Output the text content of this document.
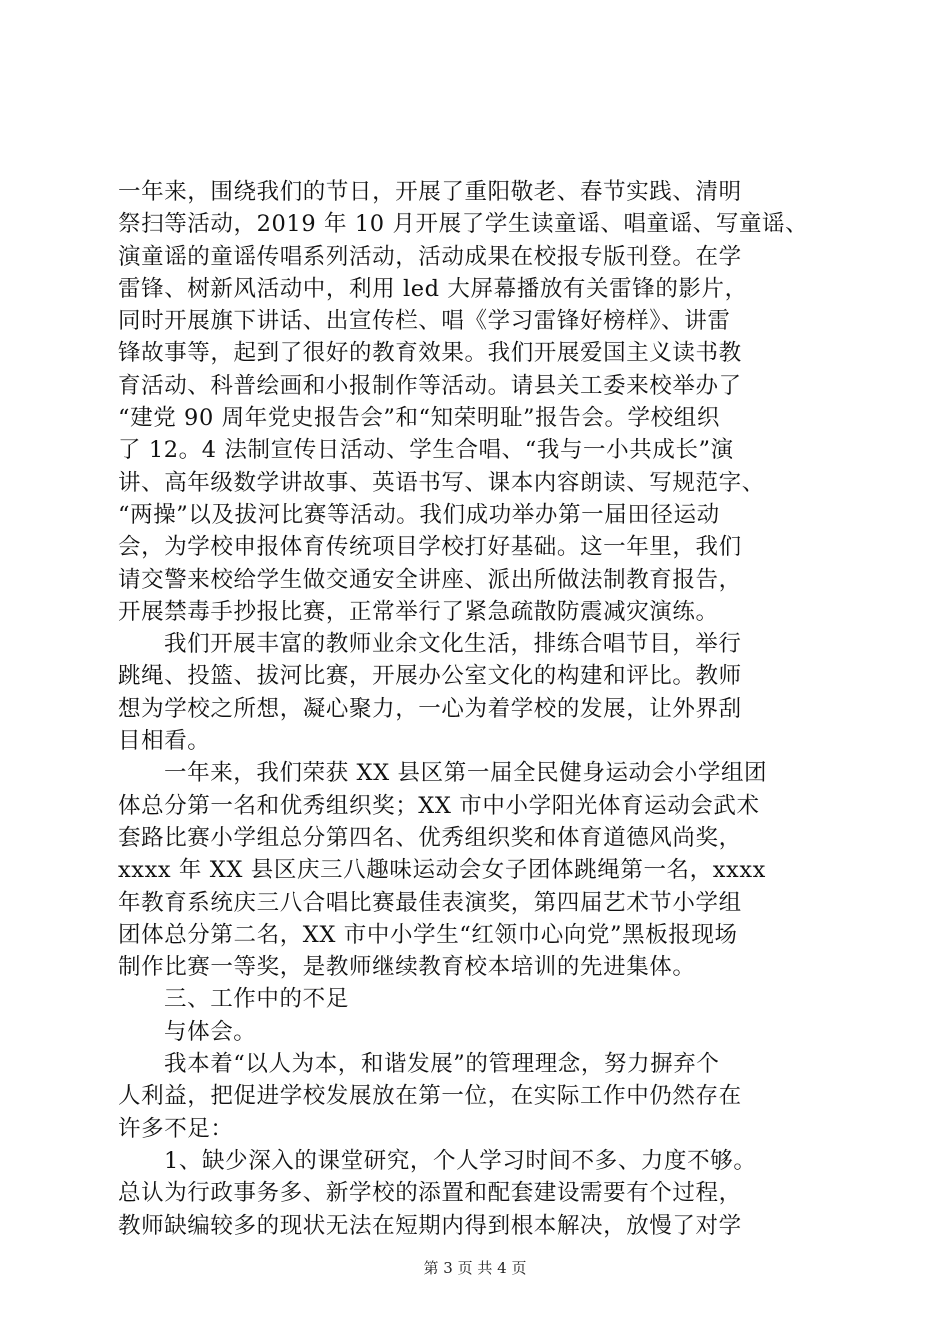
一年来，围绕我们的节日，开展了重阳敬老、春节实践、清明
祭扫等活动，2019 年 10 月开展了学生读童谣、唱童谣、写童谣、
演童谣的童谣传唱系列活动，活动成果在校报专版刊登。在学
雷锋、树新风活动中，利用 led 大屏幕播放有关雷锋的影片，
同时开展旗下讲话、出宣传栏、唱《学习雷锋好榜样》、讲雷
锋故事等，起到了很好的教育效果。我们开展爱国主义读书教
育活动、科普绘画和小报制作等活动。请县关工委来校举办了
“建党 90 周年党史报告会”和“知荣明耻”报告会。学校组织
了 12。4 法制宣传日活动、学生合唱、“我与一小共成长”演
讲、高年级数学讲故事、英语书写、课本内容朗读、写规范字、
“两操”以及拔河比赛等活动。我们成功举办第一届田径运动
会，为学校申报体育传统项目学校打好基础。这一年里，我们
请交警来校给学生做交通安全讲座、派出所做法制教育报告，
开展禁毒手抄报比赛，正常举行了紧急疏散防震减灾演练。
我们开展丰富的教师业余文化生活，排练合唱节目，举行
跳绳、投篮、拔河比赛，开展办公室文化的构建和评比。教师
想为学校之所想，凝心聚力，一心为着学校的发展，让外界刮
目相看。
一年来，我们荣获 XX 县区第一届全民健身运动会小学组团
体总分第一名和优秀组织奖；XX 市中小学阳光体育运动会武术
套路比赛小学组总分第四名、优秀组织奖和体育道德风尚奖，
xxxx 年 XX 县区庆三八趣味运动会女子团体跳绳第一名，xxxx
年教育系统庆三八合唱比赛最佳表演奖，第四届艺术节小学组
团体总分第二名，XX 市中小学生“红领巾心向党”黑板报现场
制作比赛一等奖，是教师继续教育校本培训的先进集体。
三、工作中的不足
与体会。
我本着“以人为本，和谐发展”的管理理念，努力摒弃个
人利益，把促进学校发展放在第一位，在实际工作中仍然存在
许多不足：
1、缺少深入的课堂研究，个人学习时间不多、力度不够。
总认为行政事务多、新学校的添置和配套建设需要有个过程，
教师缺编较多的现状无法在短期内得到根本解决，放慢了对学
第 3 页 共 4 页
